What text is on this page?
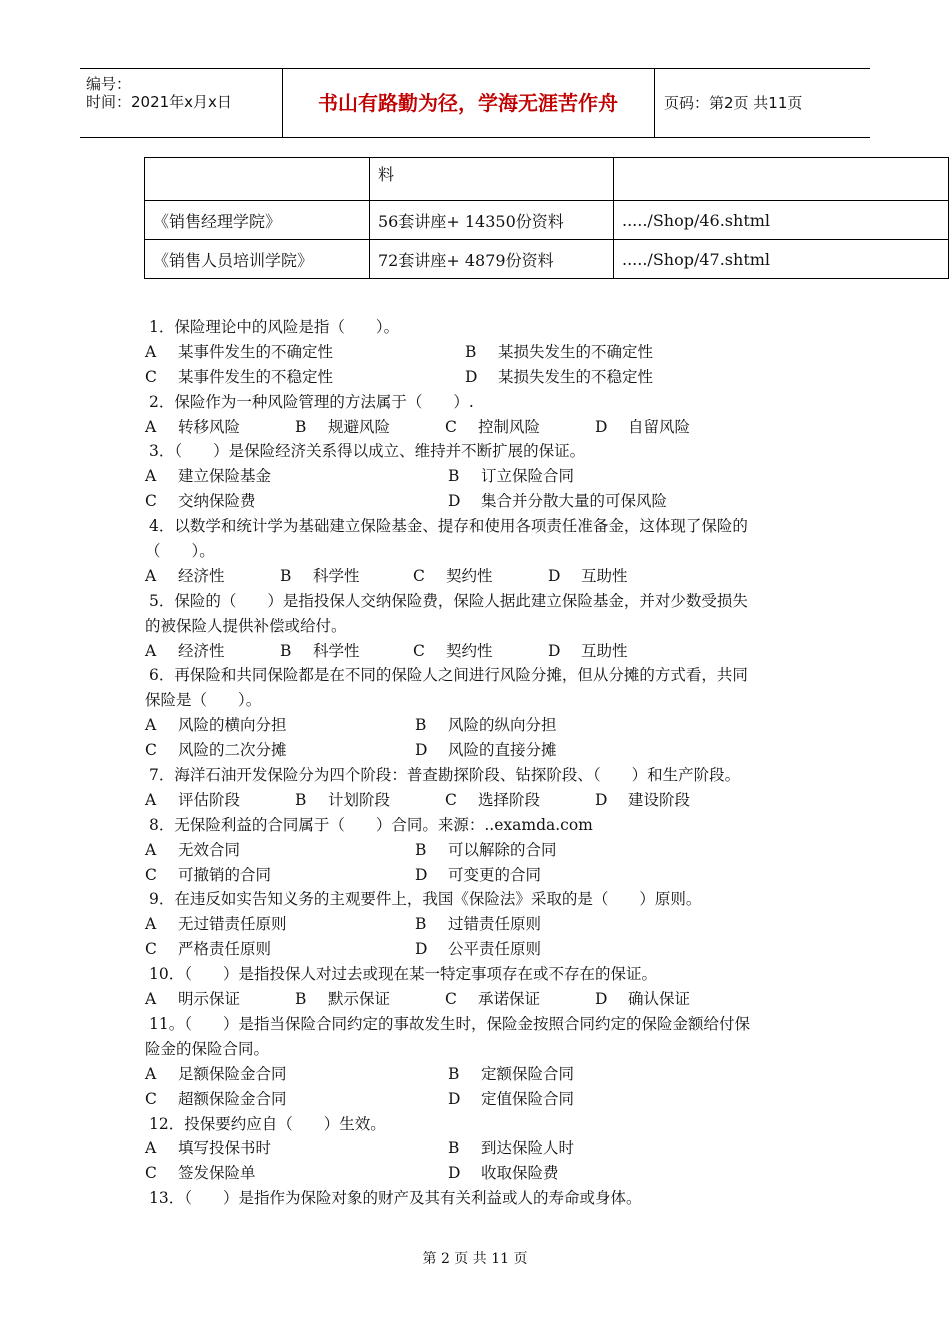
编号：
时间：2021年x月x日	书山有路勤为径，学海无涯苦作舟	页码：第2页 共11页
	料	
《销售经理学院》	56套讲座+ 14350份资料	...../Shop/46.shtml
《销售人员培训学院》	72套讲座+ 4879份资料	...../Shop/47.shtml
1．保险理论中的风险是指（　　）。
A 某事件发生的不确定性	B 某损失发生的不确定性
C 某事件发生的不稳定性	D 某损失发生的不稳定性
2．保险作为一种风险管理的方法属于（　　）.
A 转移风险	B 规避风险	C 控制风险	D 自留风险
3．（　　）是保险经济关系得以成立、维持并不断扩展的保证。
A 建立保险基金	B 订立保险合同
C 交纳保险费	D 集合并分散大量的可保风险
4．以数学和统计学为基础建立保险基金、提存和使用各项责任准备金，这体现了保险的
（　　）。
A 经济性	B 科学性	C 契约性	D 互助性
5．保险的（　　）是指投保人交纳保险费，保险人据此建立保险基金，并对少数受损失
的被保险人提供补偿或给付。
A 经济性	B 科学性	C 契约性	D 互助性
6．再保险和共同保险都是在不同的保险人之间进行风险分摊，但从分摊的方式看，共同
保险是（　　）。
A 风险的横向分担	B 风险的纵向分担
C 风险的二次分摊	D 风险的直接分摊
7．海洋石油开发保险分为四个阶段：普查勘探阶段、钻探阶段、（　　）和生产阶段。
A 评估阶段	B 计划阶段	C 选择阶段	D 建设阶段
8．无保险利益的合同属于（　　）合同。来源：..examda.com
A 无效合同	B 可以解除的合同
C 可撤销的合同	D 可变更的合同
9．在违反如实告知义务的主观要件上，我国《保险法》采取的是（　　）原则。
A 无过错责任原则	B 过错责任原则
C 严格责任原则	D 公平责任原则
10．（　　）是指投保人对过去或现在某一特定事项存在或不存在的保证。
A 明示保证	B 默示保证	C 承诺保证	D 确认保证
11。（　　）是指当保险合同约定的事故发生时，保险金按照合同约定的保险金额给付保
险金的保险合同。
A 足额保险金合同	B 定额保险合同
C 超额保险金合同	D 定值保险合同
12．投保要约应自（　　）生效。
A 填写投保书时	B 到达保险人时
C 签发保险单	D 收取保险费
13．（　　）是指作为保险对象的财产及其有关利益或人的寿命或身体。
第 2 页 共 11 页
